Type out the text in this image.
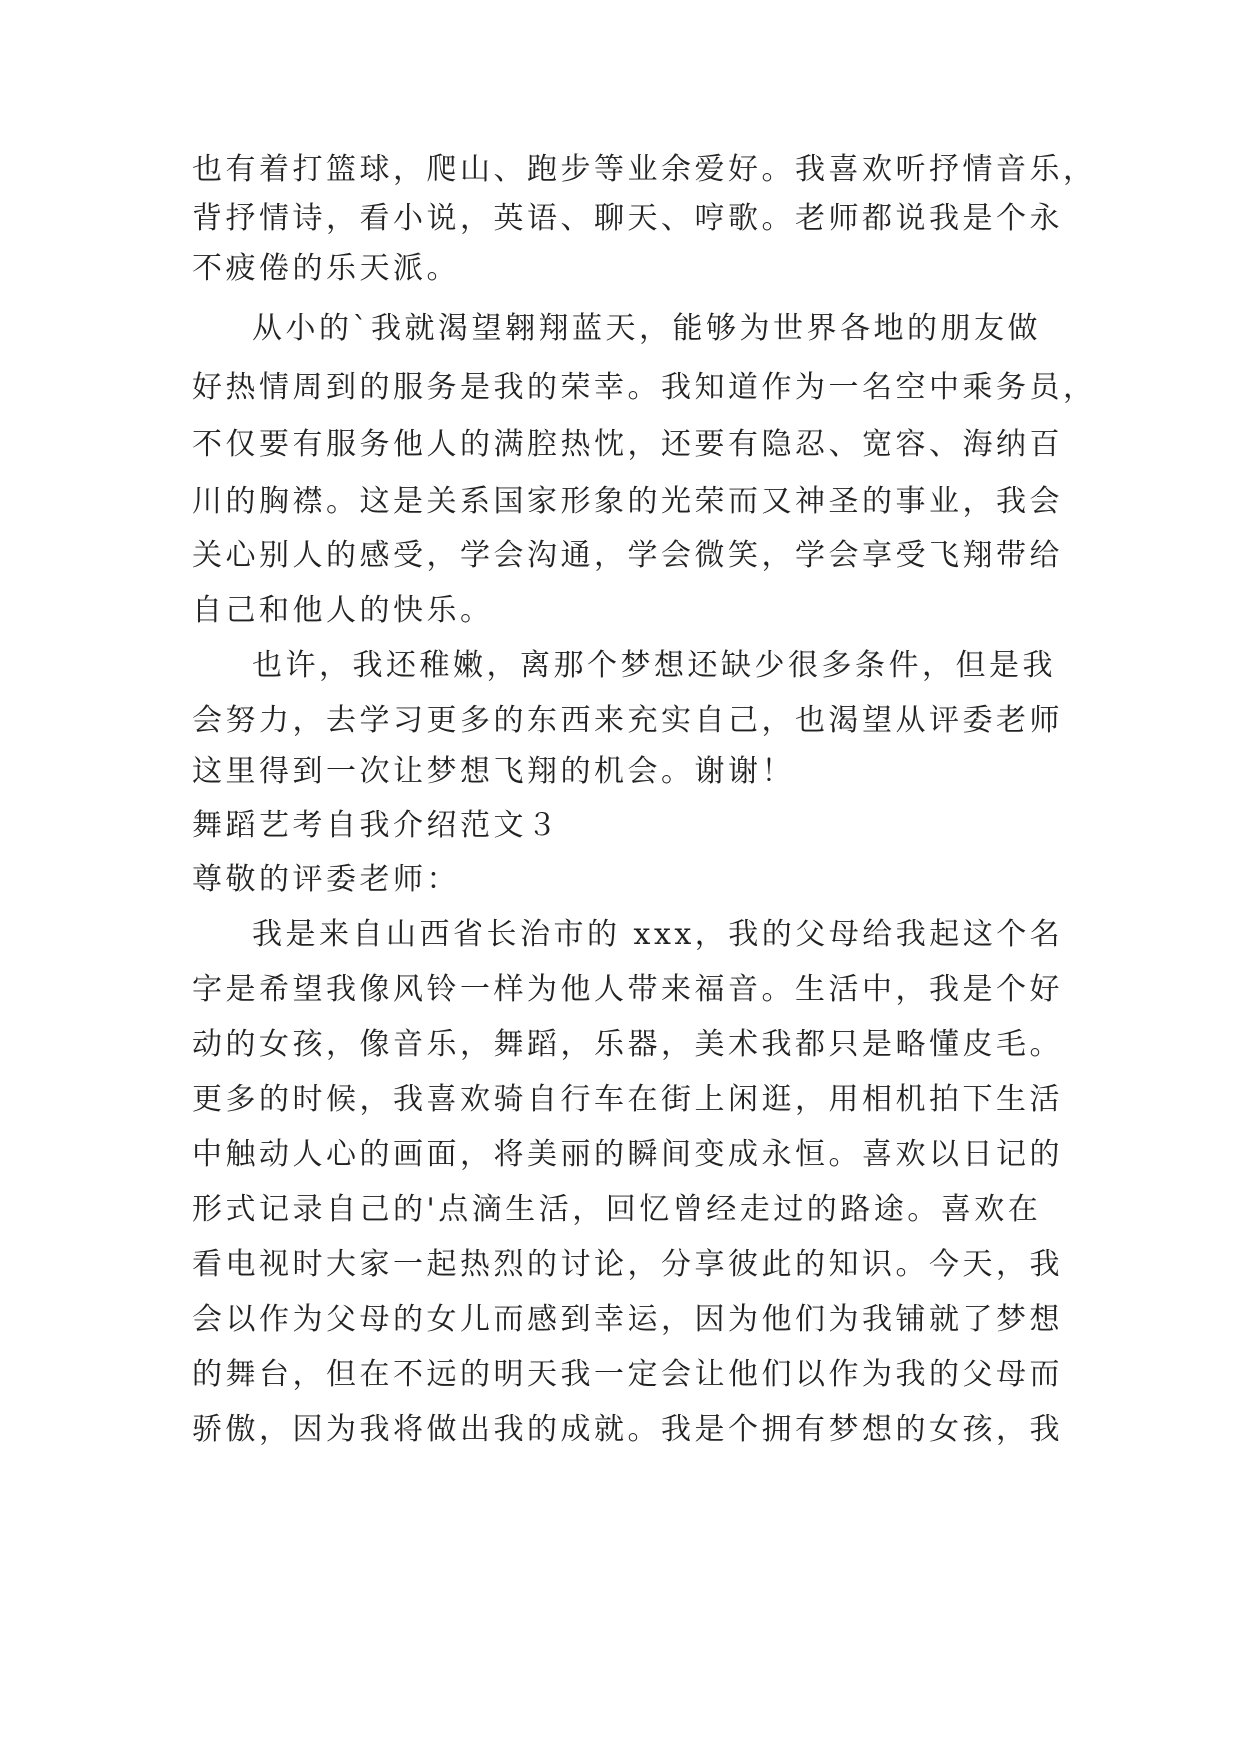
也有着打篮球，爬山、跑步等业余爱好。我喜欢听抒情音乐，
背抒情诗，看小说，英语、聊天、哼歌。老师都说我是个永
不疲倦的乐天派。
从小的`我就渴望翱翔蓝天，能够为世界各地的朋友做
好热情周到的服务是我的荣幸。我知道作为一名空中乘务员，
不仅要有服务他人的满腔热忱，还要有隐忍、宽容、海纳百
川的胸襟。这是关系国家形象的光荣而又神圣的事业，我会
关心别人的感受，学会沟通，学会微笑，学会享受飞翔带给
自己和他人的快乐。
也许，我还稚嫩，离那个梦想还缺少很多条件，但是我
会努力，去学习更多的东西来充实自己，也渴望从评委老师
这里得到一次让梦想飞翔的机会。谢谢！
舞蹈艺考自我介绍范文３
尊敬的评委老师：
我是来自山西省长治市的 xxx，我的父母给我起这个名
字是希望我像风铃一样为他人带来福音。生活中，我是个好
动的女孩，像音乐，舞蹈，乐器，美术我都只是略懂皮毛。
更多的时候，我喜欢骑自行车在街上闲逛，用相机拍下生活
中触动人心的画面，将美丽的瞬间变成永恒。喜欢以日记的
形式记录自己的'点滴生活，回忆曾经走过的路途。喜欢在
看电视时大家一起热烈的讨论，分享彼此的知识。今天，我
会以作为父母的女儿而感到幸运，因为他们为我铺就了梦想
的舞台，但在不远的明天我一定会让他们以作为我的父母而
骄傲，因为我将做出我的成就。我是个拥有梦想的女孩，我
